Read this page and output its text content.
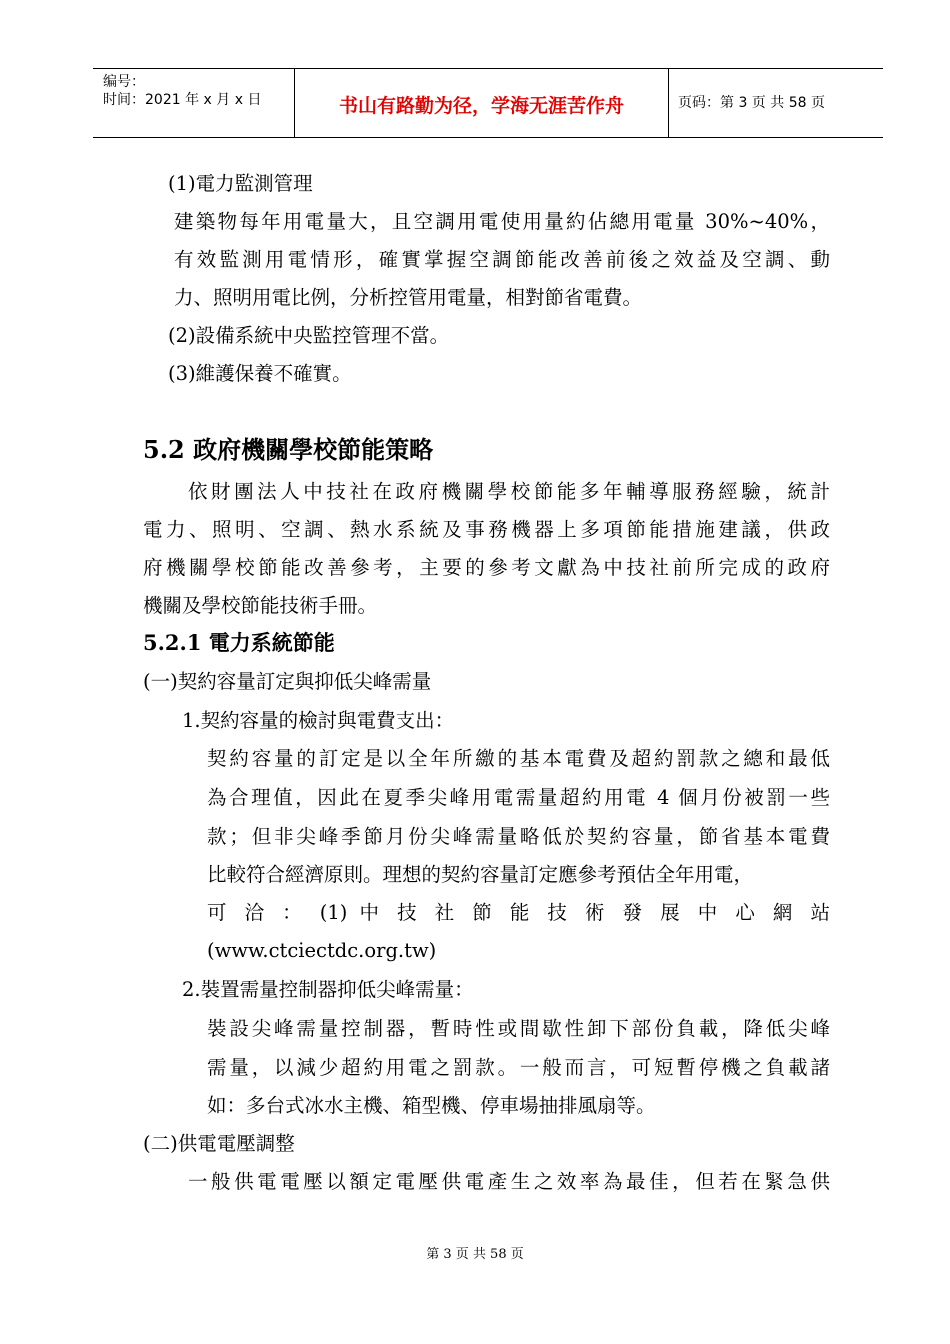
编号：
时间：2021 年 x 月 x 日	书山有路勤为径，学海无涯苦作舟	页码：第 3 页 共 58 页
(1)電力監測管理
建築物每年用電量大，且空調用電使用量約佔總用電量 30%~40%，
有效監測用電情形，確實掌握空調節能改善前後之效益及空調、動
力、照明用電比例，分析控管用電量，相對節省電費。
(2)設備系統中央監控管理不當。
(3)維護保養不確實。
5.2 政府機關學校節能策略
依財團法人中技社在政府機關學校節能多年輔導服務經驗，統計
電力、照明、空調、熱水系統及事務機器上多項節能措施建議，供政
府機關學校節能改善參考，主要的參考文獻為中技社前所完成的政府
機關及學校節能技術手冊。
5.2.1 電力系統節能
(一)契約容量訂定與抑低尖峰需量
1.契約容量的檢討與電費支出：
契約容量的訂定是以全年所繳的基本電費及超約罰款之總和最低
為合理值，因此在夏季尖峰用電需量超約用電 4 個月份被罰一些
款；但非尖峰季節月份尖峰需量略低於契約容量，節省基本電費
比較符合經濟原則。理想的契約容量訂定應參考預估全年用電，
可 洽 ： (1) 中 技 社 節 能 技 術 發 展 中 心 網 站
(www.ctciectdc.org.tw)
2.裝置需量控制器抑低尖峰需量：
裝設尖峰需量控制器，暫時性或間歇性卸下部份負載，降低尖峰
需量，以減少超約用電之罰款。一般而言，可短暫停機之負載諸
如：多台式冰水主機、箱型機、停車場抽排風扇等。
(二)供電電壓調整
一般供電電壓以額定電壓供電產生之效率為最佳，但若在緊急供
第 3 页 共 58 页
